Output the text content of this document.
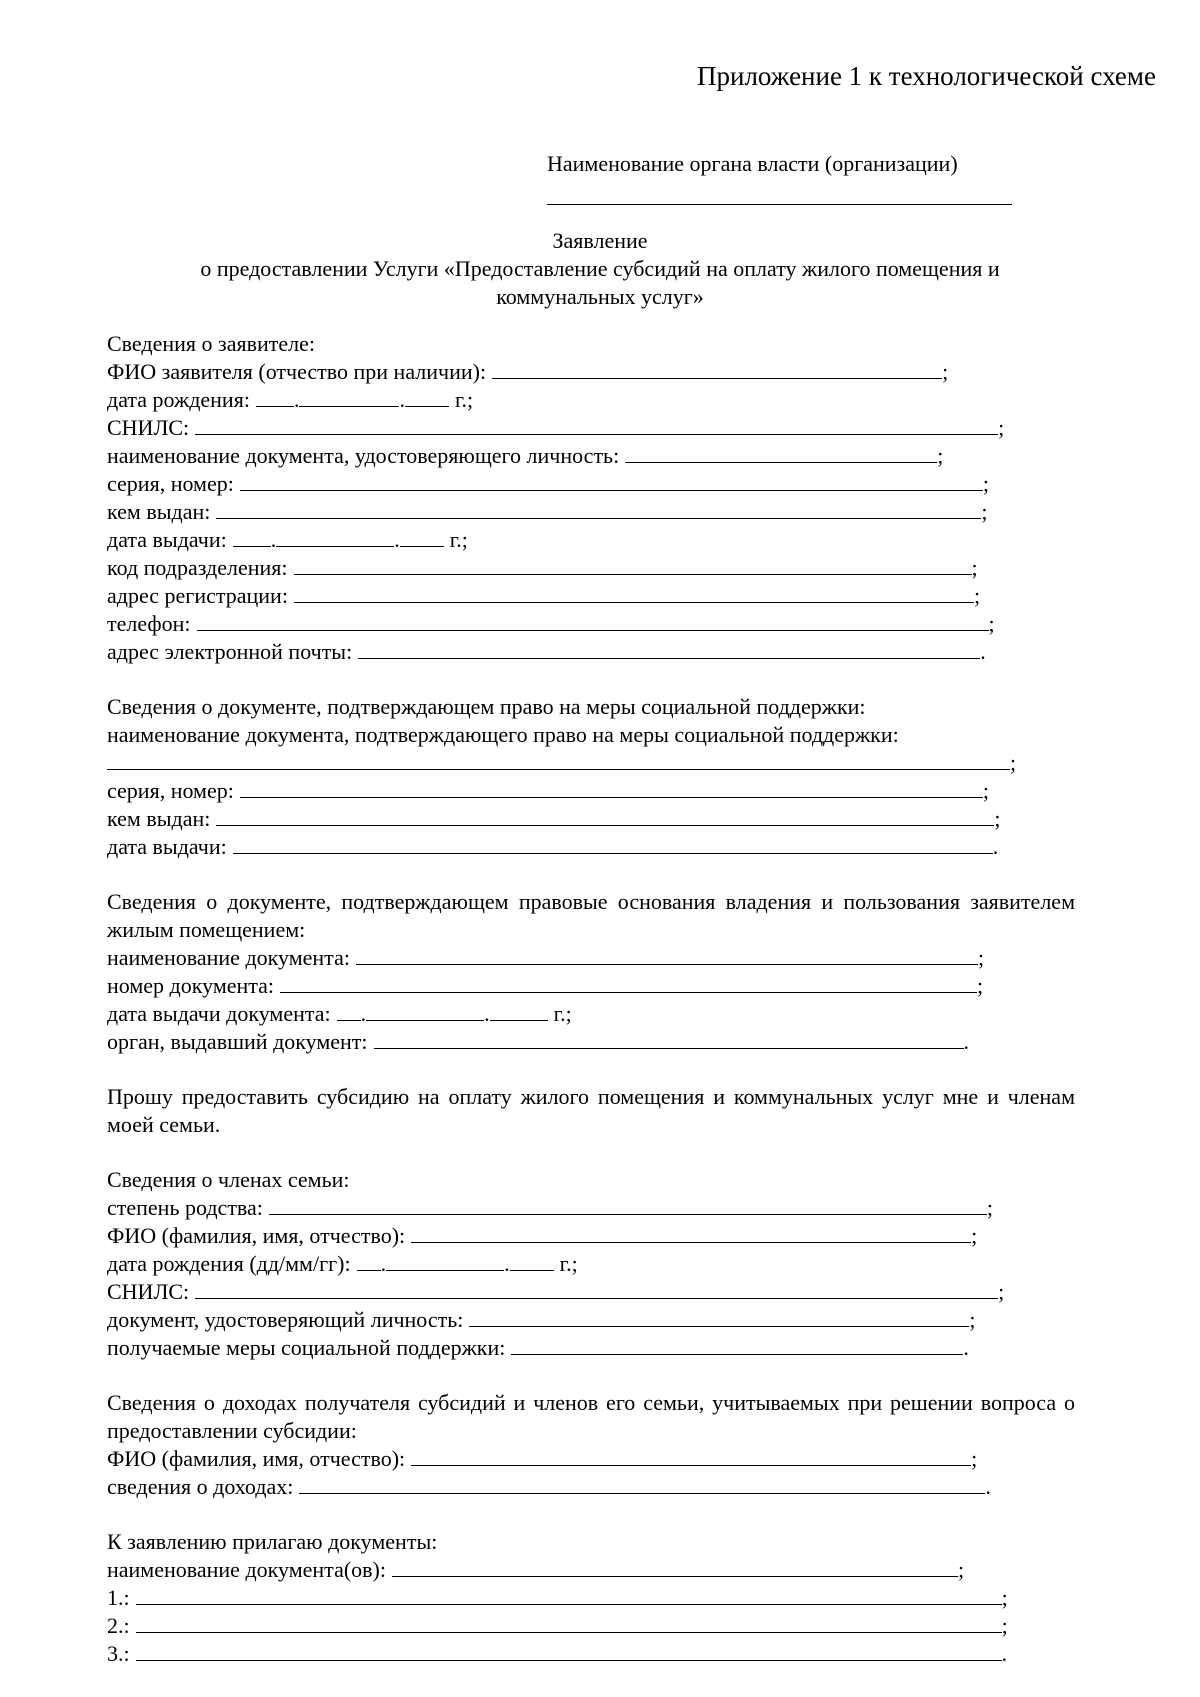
Приложение 1 к технологической схеме
Наименование органа власти (организации)
Заявление
о предоставлении Услуги «Предоставление субсидий на оплату жилого помещения и
коммунальных услуг»
Сведения о заявителе:
ФИО заявителя (отчество при наличии):	;
дата рождения: .	. г.;
СНИЛС:	;
наименование документа, удостоверяющего личность:	;
серия, номер:	;
кем выдан:	;
дата выдачи: .	. г.;
код подразделения:	;
адрес регистрации:	;
телефон:	;
адрес электронной почты:	.
Сведения о документе, подтверждающем право на меры социальной поддержки:
наименование документа, подтверждающего право на меры социальной поддержки:
;
серия, номер:	;
кем выдан:	;
дата выдачи:	.
Сведения о документе, подтверждающем правовые основания владения и пользования заявителем жилым помещением:
наименование документа:	;
номер документа:	;
дата выдачи документа: .	.	г.;
орган, выдавший документ:	.
Прошу предоставить субсидию на оплату жилого помещения и коммунальных услуг мне и членам моей семьи.
Сведения о членах семьи:
степень родства:	;
ФИО (фамилия, имя, отчество):	;
дата рождения (дд/мм/гг): .	. г.;
СНИЛС:	;
документ, удостоверяющий личность:	;
получаемые меры социальной поддержки:	.
Сведения о доходах получателя субсидий и членов его семьи, учитываемых при решении вопроса о предоставлении субсидии:
ФИО (фамилия, имя, отчество):	;
сведения о доходах:	.
К заявлению прилагаю документы:
наименование документа(ов):	;
1.:	;
2.:	;
3.:	.
